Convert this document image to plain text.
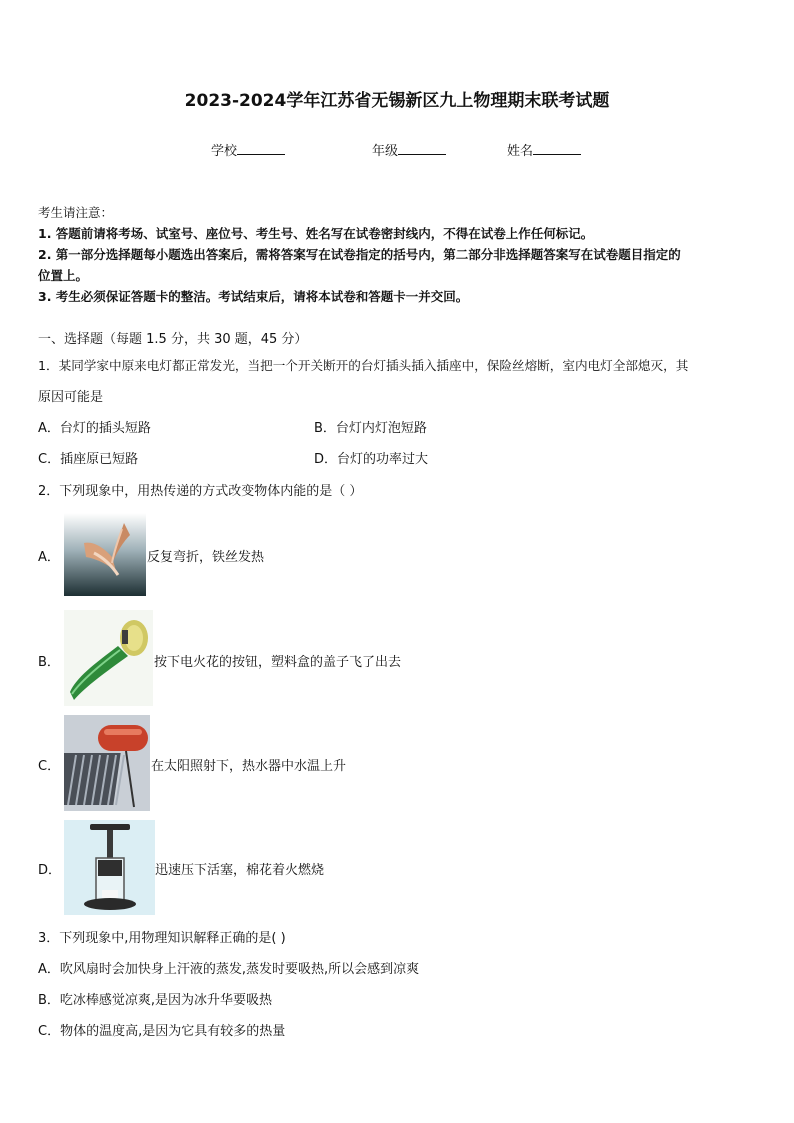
2023-2024学年江苏省无锡新区九上物理期末联考试题
学校	年级	姓名
考生请注意：
1. 答题前请将考场、试室号、座位号、考生号、姓名写在试卷密封线内，不得在试卷上作任何标记。
2. 第一部分选择题每小题选出答案后，需将答案写在试卷指定的括号内，第二部分非选择题答案写在试卷题目指定的
位置上。
3. 考生必须保证答题卡的整洁。考试结束后，请将本试卷和答题卡一并交回。
一、选择题（每题 1.5 分，共 30 题，45 分）
1．某同学家中原来电灯都正常发光，当把一个开关断开的台灯插头插入插座中，保险丝熔断，室内电灯全部熄灭，其
原因可能是
A．台灯的插头短路	B．台灯内灯泡短路
C．插座原已短路	D．台灯的功率过大
2．下列现象中，用热传递的方式改变物体内能的是（ ）
A．	反复弯折，铁丝发热
B．	按下电火花的按钮，塑料盒的盖子飞了出去
C．	在太阳照射下，热水器中水温上升
D．	迅速压下活塞，棉花着火燃烧
3．下列现象中,用物理知识解释正确的是( )
A．吹风扇时会加快身上汗液的蒸发,蒸发时要吸热,所以会感到凉爽
B．吃冰棒感觉凉爽,是因为冰升华要吸热
C．物体的温度高,是因为它具有较多的热量
